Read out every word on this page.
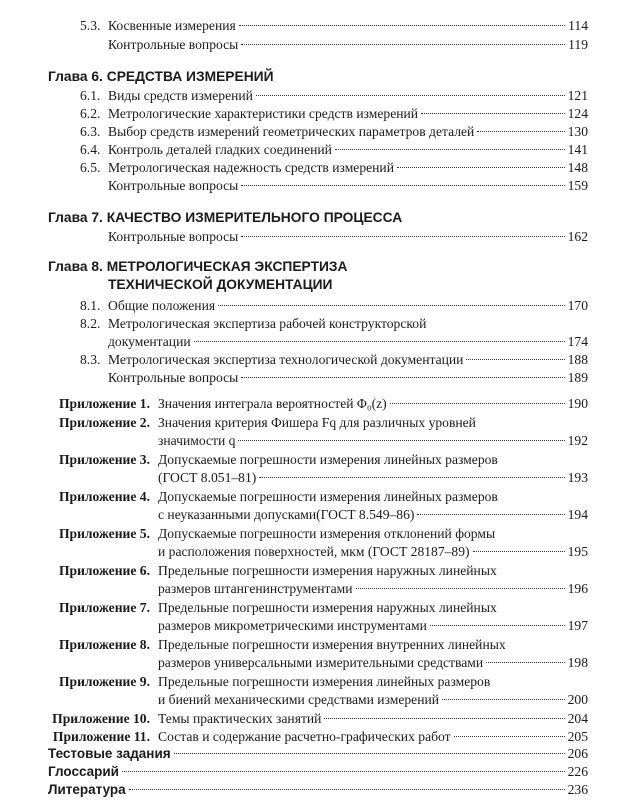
5.3. Косвенные измерения	114
Контрольные вопросы	119
Глава 6. СРЕДСТВА ИЗМЕРЕНИЙ
6.1. Виды средств измерений	121
6.2. Метрологические характеристики средств измерений	124
6.3. Выбор средств измерений геометрических параметров деталей	130
6.4. Контроль деталей гладких соединений	141
6.5. Метрологическая надежность средств измерений	148
Контрольные вопросы	159
Глава 7. КАЧЕСТВО ИЗМЕРИТЕЛЬНОГО ПРОЦЕССА
Контрольные вопросы	162
Глава 8. МЕТРОЛОГИЧЕСКАЯ ЭКСПЕРТИЗА
ТЕХНИЧЕСКОЙ ДОКУМЕНТАЦИИ
8.1. Общие положения	170
8.2. Метрологическая экспертиза рабочей конструкторской
документации	174
8.3. Метрологическая экспертиза технологической документации	188
Контрольные вопросы	189
Приложение 1. Значения интеграла вероятностей Φ₀(z)	190
Приложение 2. Значения критерия Фишера Fq для различных уровней
значимости q	192
Приложение 3. Допускаемые погрешности измерения линейных размеров
(ГОСТ 8.051–81)	193
Приложение 4. Допускаемые погрешности измерения линейных размеров
с неуказанными допусками(ГОСТ 8.549–86)	194
Приложение 5. Допускаемые погрешности измерения отклонений формы
и расположения поверхностей, мкм (ГОСТ 28187–89)	195
Приложение 6. Предельные погрешности измерения наружных линейных
размеров штангенинструментами	196
Приложение 7. Предельные погрешности измерения наружных линейных
размеров микрометрическими инструментами	197
Приложение 8. Предельные погрешности измерения внутренних линейных
размеров универсальными измерительными средствами	198
Приложение 9. Предельные погрешности измерения линейных размеров
и биений механическими средствами измерений	200
Приложение 10. Темы практических занятий	204
Приложение 11. Состав и содержание расчетно-графических работ	205
Тестовые задания	206
Глоссарий	226
Литература	236
